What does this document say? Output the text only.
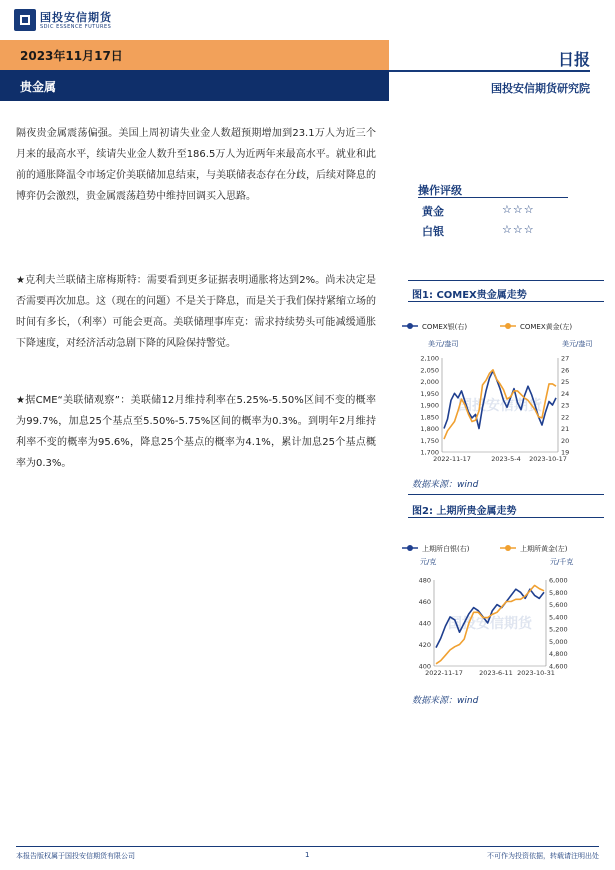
国投安信期货
SDIC ESSENCE FUTURES
2023年11月17日
贵金属
日报
国投安信期货研究院
隔夜贵金属震荡偏强。美国上周初请失业金人数超预期增加到23.1万人为近三个月来的最高水平，续请失业金人数升至186.5万人为近两年来最高水平。就业和此前的通胀降温令市场定价美联储加息结束，与美联储表态存在分歧，后续对降息的博弈仍会激烈，贵金属震荡趋势中维持回调买入思路。
★克利夫兰联储主席梅斯特：需要看到更多证据表明通胀将达到2%。尚未决定是否需要再次加息。这（现在的问题）不是关于降息，而是关于我们保持紧缩立场的时间有多长，（利率）可能会更高。美联储理事库克：需求持续势头可能减缓通胀下降速度，对经济活动急剧下降的风险保持警觉。
★据CME“美联储观察”：美联储12月维持利率在5.25%-5.50%区间不变的概率为99.7%，加息25个基点至5.50%-5.75%区间的概率为0.3%。到明年2月维持利率不变的概率为95.6%，降息25个基点的概率为4.1%，累计加息25个基点概率为0.3%。
操作评级
黄金	☆☆☆
白银	☆☆☆
图1: COMEX贵金属走势
国投安信期货
COMEX银(右)	COMEX黄金(左)
美元/盎司	美元/盎司
1,700
1,750
1,800
1,850
1,900
1,950
2,000
2,050
2,100
19
20
21
22
23
24
25
26
27
2022-11-17	2023-5-4 2023-10-17
数据来源：wind
图2: 上期所贵金属走势
国投安信期货
上期所白银(右)	上期所黄金(左)
元/克	元/千克
400
420
440
460
480
4,600
4,800
5,000
5,200
5,400
5,600
5,800
6,000
2022-11-17	2023-6-11 2023-10-31
数据来源：wind
本报告版权属于国投安信期货有限公司	1	不可作为投资依据，转载请注明出处
